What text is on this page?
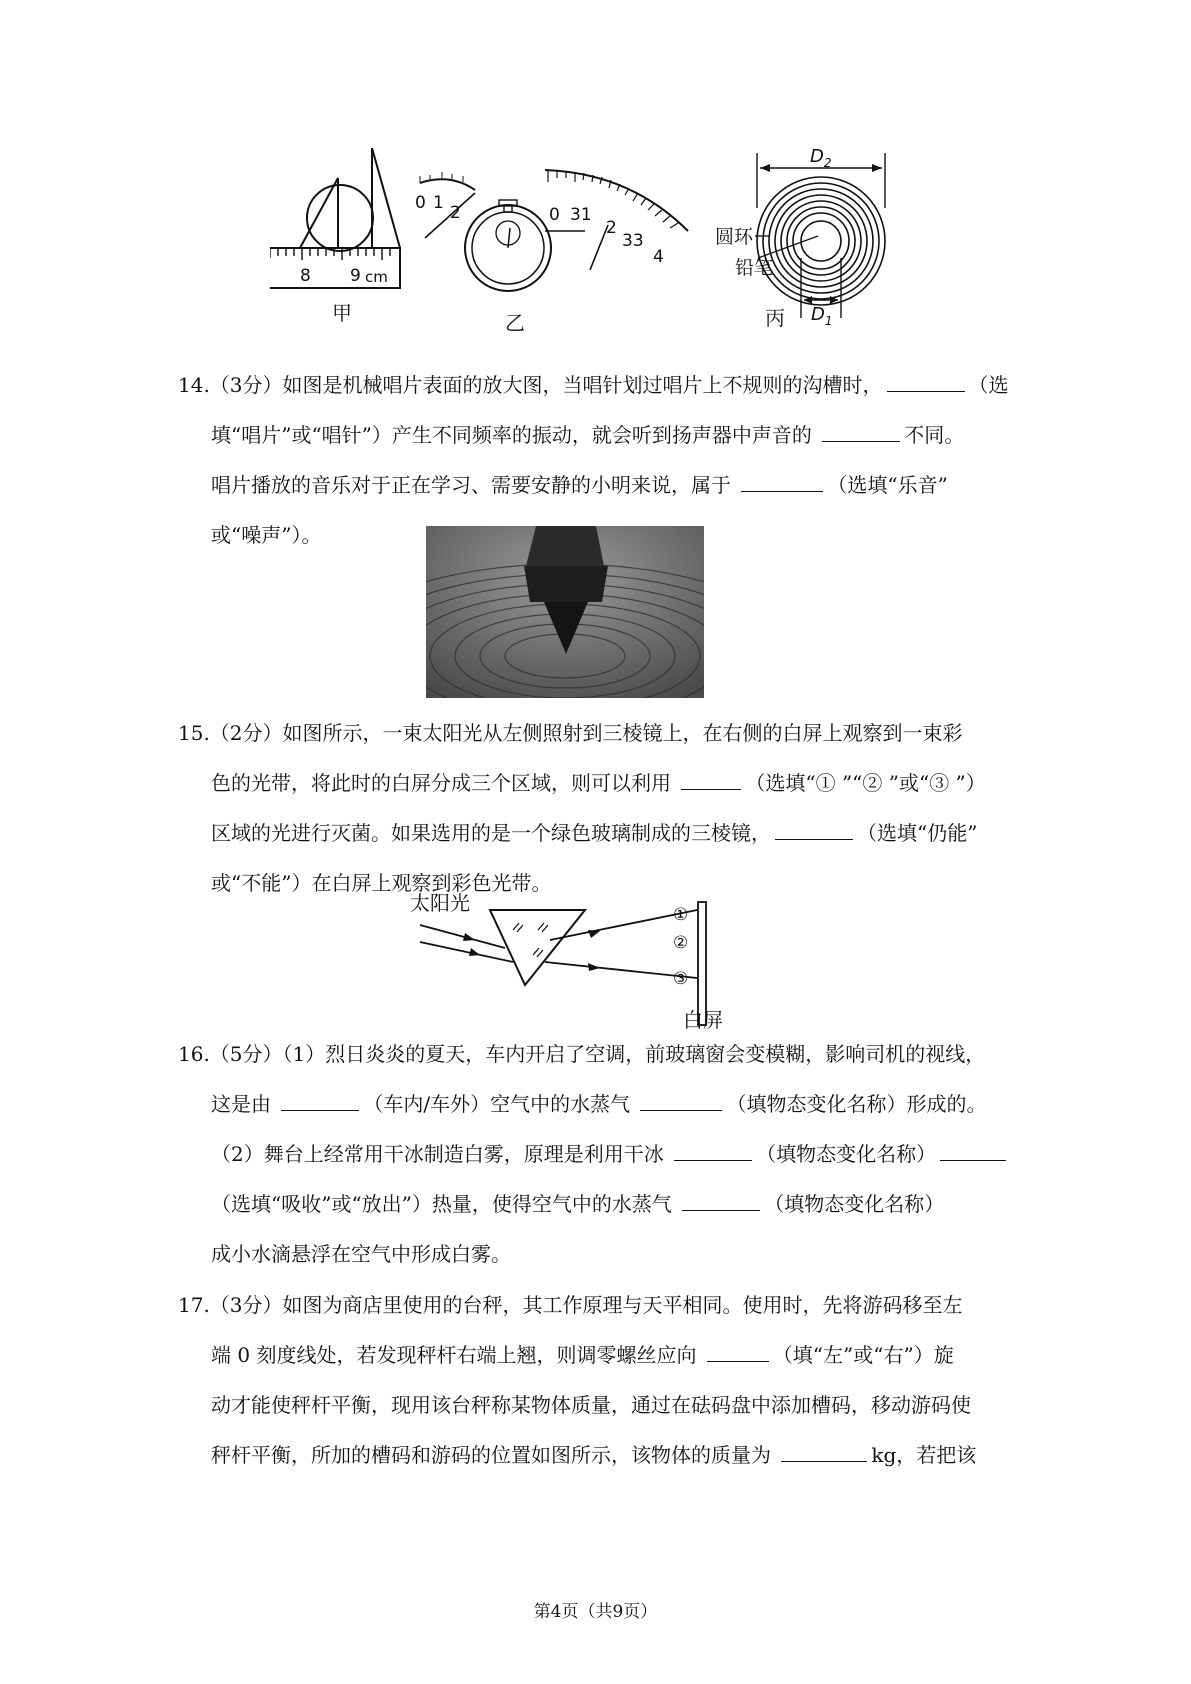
8 9 cm
甲
0 1 2	0 31
2
33
4
乙
$D_2$
$D_1$
圆环
铅笔
丙
14.（3分）如图是机械唱片表面的放大图，当唱针划过唱片上不规则的沟槽时，	（选
填“唱片”或“唱针”）产生不同频率的振动，就会听到扬声器中声音的	不同。
唱片播放的音乐对于正在学习、需要安静的小明来说，属于	（选填“乐音”
或“噪声”）。
15.（2分）如图所示，一束太阳光从左侧照射到三棱镜上，在右侧的白屏上观察到一束彩
色的光带，将此时的白屏分成三个区域，则可以利用	（选填“① ”“② ”或“③ ”）
区域的光进行灭菌。如果选用的是一个绿色玻璃制成的三棱镜，	（选填“仍能”
或“不能”）在白屏上观察到彩色光带。
太阳光	①
②
③
白屏
16.（5分）（1）烈日炎炎的夏天，车内开启了空调，前玻璃窗会变模糊，影响司机的视线，
这是由	（车内/车外）空气中的水蒸气	（填物态变化名称）形成的。
（2）舞台上经常用干冰制造白雾，原理是利用干冰	（填物态变化名称）
（选填“吸收”或“放出”）热量，使得空气中的水蒸气	（填物态变化名称）
成小水滴悬浮在空气中形成白雾。
17.（3分）如图为商店里使用的台秤，其工作原理与天平相同。使用时，先将游码移至左
端 0 刻度线处，若发现秤杆右端上翘，则调零螺丝应向	（填“左”或“右”）旋
动才能使秤杆平衡，现用该台秤称某物体质量，通过在砝码盘中添加槽码，移动游码使
秤杆平衡，所加的槽码和游码的位置如图所示，该物体的质量为	kg，若把该
第4页（共9页）
